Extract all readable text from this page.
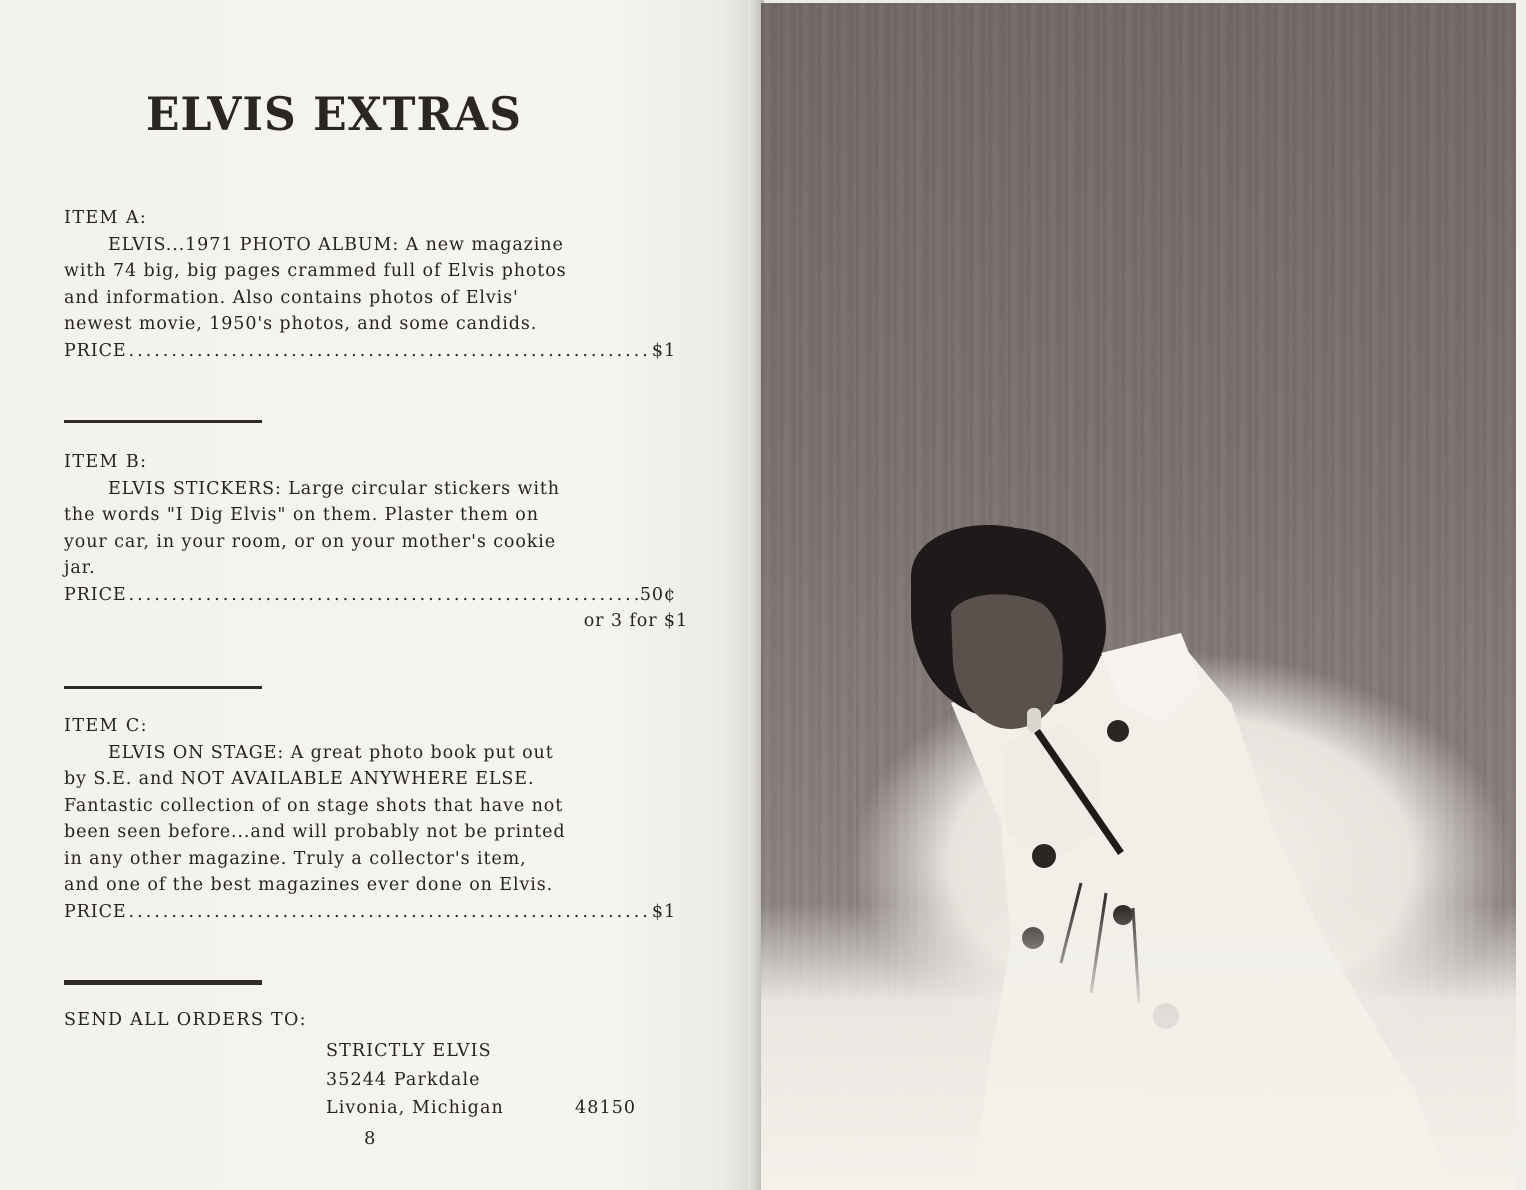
ELVIS EXTRAS
ITEM A:
ELVIS...1971 PHOTO ALBUM: A new magazine
with 74 big, big pages crammed full of Elvis photos
and information. Also contains photos of Elvis'
newest movie, 1950's photos, and some candids.
PRICE .....	$1
ITEM B:
ELVIS STICKERS: Large circular stickers with
the words "I Dig Elvis" on them. Plaster them on
your car, in your room, or on your mother's cookie
jar.
PRICE .....	50¢
or 3 for $1
ITEM C:
ELVIS ON STAGE: A great photo book put out
by S.E. and NOT AVAILABLE ANYWHERE ELSE.
Fantastic collection of on stage shots that have not
been seen before...and will probably not be printed
in any other magazine. Truly a collector's item,
and one of the best magazines ever done on Elvis.
PRICE .....	$1
SEND ALL ORDERS TO:
STRICTLY ELVIS
35244 Parkdale
Livonia, Michigan	48150
8
